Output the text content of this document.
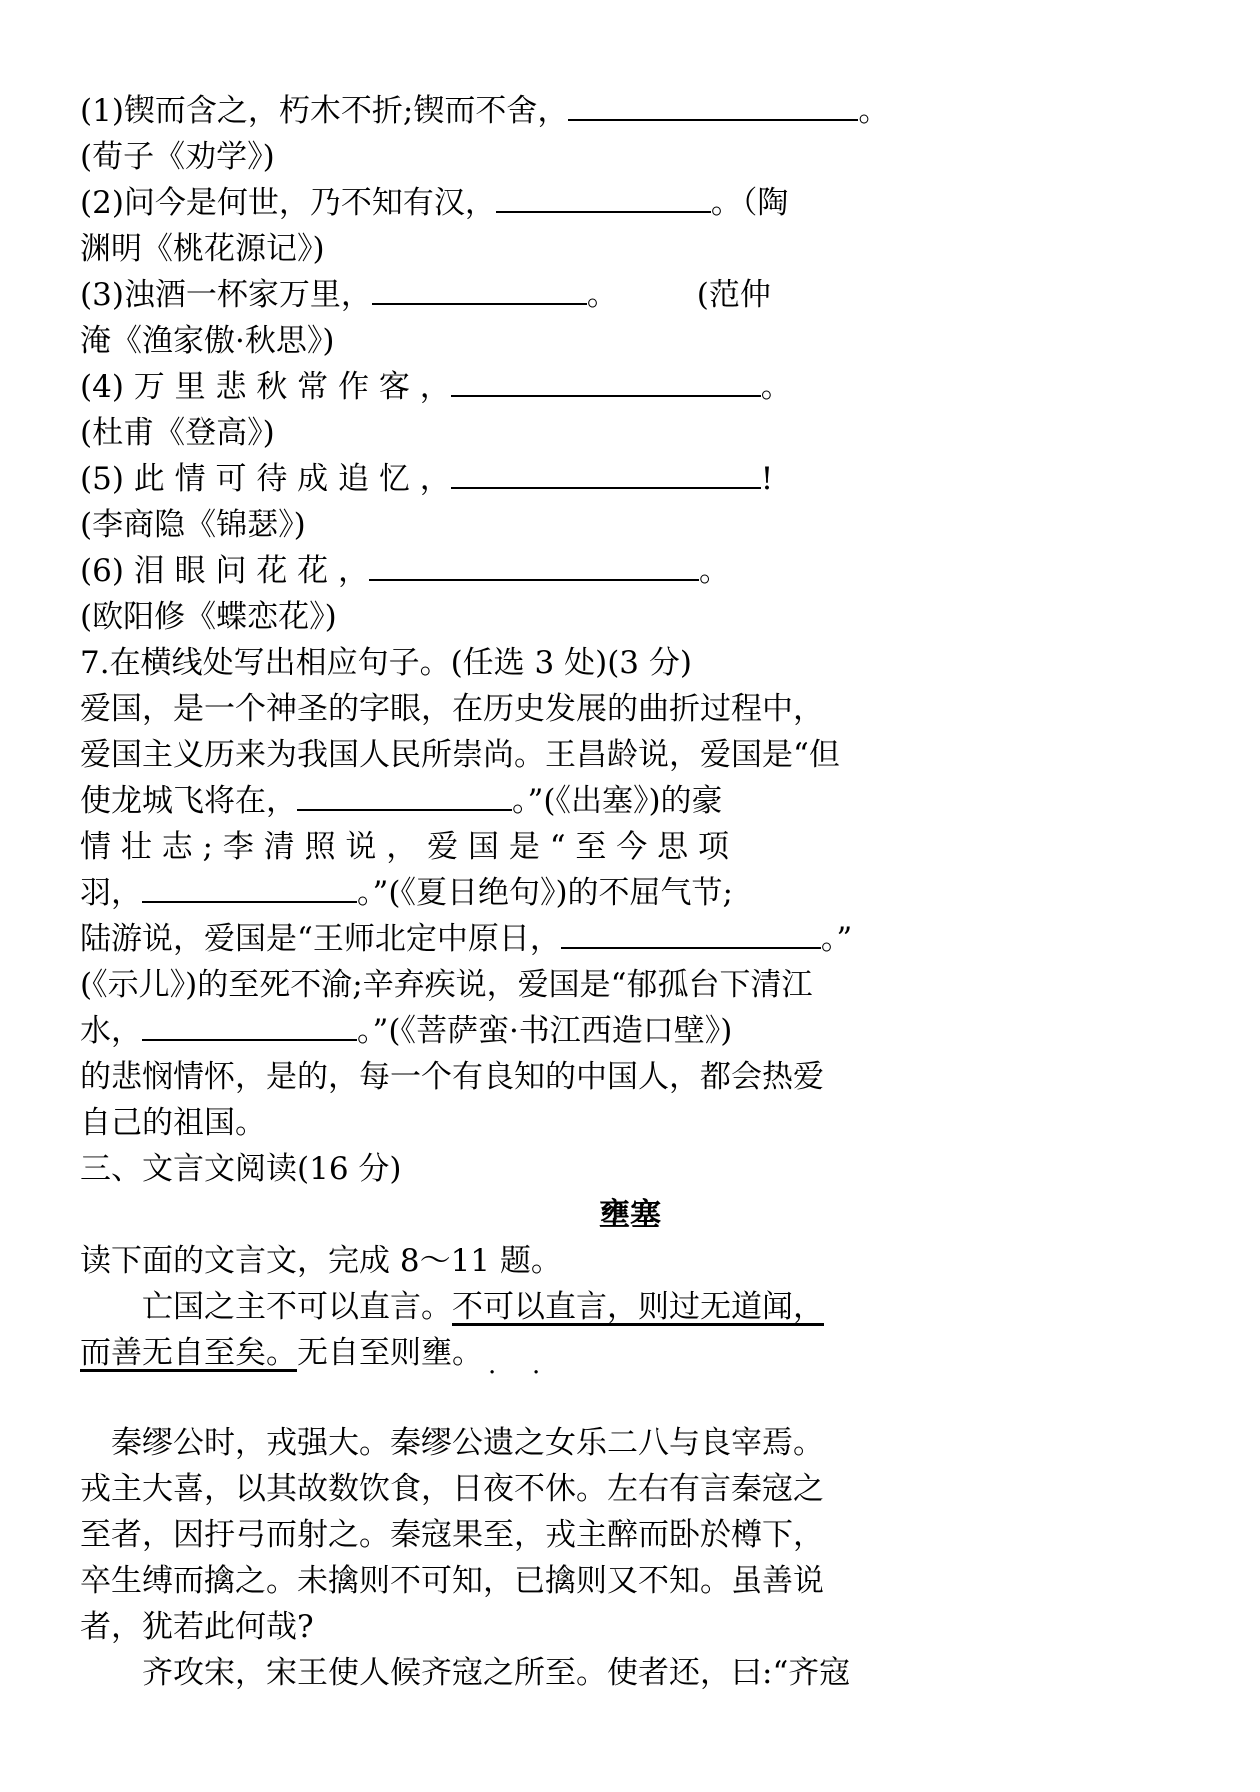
(1)锲而含之，朽木不折;锲而不舍，	。
(荀子《劝学》)
(2)问今是何世，乃不知有汉，	。（陶
渊明《桃花源记》)
(3)浊酒一杯家万里，	。        (范仲
淹《渔家傲·秋思》)
(4) 万 里 悲 秋 常 作 客 ，	。
(杜甫《登高》)
(5) 此 情 可 待 成 追 忆 ，	!
(李商隐《锦瑟》)
(6) 泪 眼 问 花 花 ，	。
(欧阳修《蝶恋花》)
7.在横线处写出相应句子。(任选 3 处)(3 分)
爱国，是一个神圣的字眼，在历史发展的曲折过程中，
爱国主义历来为我国人民所崇尚。王昌龄说，爱国是“但
使龙城飞将在，	。”(《出塞》)的豪
情 壮 志 ; 李 清 照 说 ， 爱 国 是 “ 至 今 思 项
羽，	。”(《夏日绝句》)的不屈气节;
陆游说，爱国是“王师北定中原日，	。”
(《示儿》)的至死不渝;辛弃疾说，爱国是“郁孤台下清江
水，	。”(《菩萨蛮·书江西造口壁》)
的悲悯情怀，是的，每一个有良知的中国人，都会热爱
自己的祖国。
三、文言文阅读(16 分)
壅塞
读下面的文言文，完成 8～11 题。
亡国之主不可以直言。不可以直言，则过无道闻，
而善无自至矣。无自至则壅。
· ·
秦缪公时，戎强大。秦缪公遗之女乐二八与良宰焉。
戎主大喜，以其故数饮食，日夜不休。左右有言秦寇之
至者，因扜弓而射之。秦寇果至，戎主醉而卧於樽下，
卒生缚而擒之。未擒则不可知，已擒则又不知。虽善说
者，犹若此何哉?
齐攻宋，宋王使人候齐寇之所至。使者还，曰:“齐寇
